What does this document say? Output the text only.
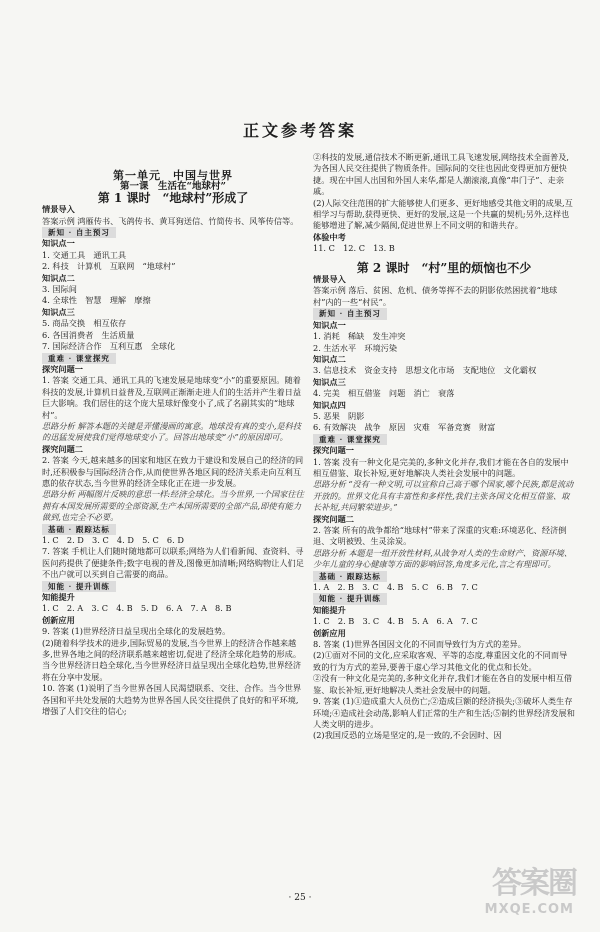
正文参考答案

第一单元　中国与世界

第一课　生活在“地球村”

第 1 课时　“地球村”形成了

情景导入

答案示例 鸿雁传书、飞鸽传书、黄耳狗送信、竹简传书、风筝传信等。

新知 · 自主预习

知识点一

1. 交通工具　通讯工具

2. 科技　计算机　互联网　“地球村”

知识点二

3. 国际间

4. 全球性　智慧　理解　摩擦

知识点三

5. 商品交换　相互依存

6. 各国消费者　生活质量

7. 国际经济合作　互利互惠　全球化

重难 · 课堂探究

探究问题一

1. 答案 交通工具、通讯工具的飞速发展是地球变“小”的重要原因。随着科技的发展,计算机日益普及,互联网正渐渐走进人们的生活并产生着日益巨大影响。我们居住的这个庞大星球好像变小了,成了名副其实的“地球村”。

思路分析 解答本题的关键是弄懂漫画的寓意。地球没有真的变小,是科技的迅猛发展使我们觉得地球变小了。回答出地球变“小”的原因即可。

探究问题二

2. 答案 今天,越来越多的国家和地区在致力于建设和发展自己的经济的同时,还积极参与国际经济合作,从而使世界各地区间的经济关系走向互利互惠的依存状态,当今世界的经济全球化正在进一步发展。

思路分析 两幅图片反映的意思一样:经济全球化。当今世界,一个国家往往拥有本国发展所需要的全部资源,生产本国所需要的全部产品,即使有能力做到,也完全不必要。

基础 · 跟踪达标

1. C　2. D　3. C　4. D　5. C　6. D

7. 答案 手机让人们随时随地都可以联系;网络为人们看新闻、查资料、寻医问药提供了便捷条件;数字电视的普及,图像更加清晰;网络购物让人们足不出户就可以买到自己需要的商品。

知能 · 提升训练

知能提升

1. C　2. A　3. C　4. B　5. D　6. A　7. A　8. B

创新应用

9. 答案 (1)世界经济日益呈现出全球化的发展趋势。

(2)随着科学技术的进步,国际贸易的发展,当今世界上的经济合作越来越多,世界各地之间的经济联系越来越密切,促进了经济全球化趋势的形成。当今世界经济日趋全球化,当今世界经济日益呈现出全球化趋势,世界经济将在分享中发展。

10. 答案 (1)说明了当今世界各国人民渴望联系、交往、合作。当今世界各国和平共处发展的大趋势为世界各国人民交往提供了良好的和平环境,增强了人们交往的信心;

②科技的发展,通信技术不断更新,通讯工具飞速发展,网络技术全面普及,为各国人民交往提供了物质条件。国际间的交往也因此变得更加方便快捷。现在中国人出国和外国人来华,都是人潮滚滚,真像“串门子”、走亲戚。

(2)人际交往范围的扩大能够使人们更多、更好地感受其他文明的成果,互相学习与帮助,获得更快、更好的发展,这是一个共赢的契机;另外,这样也能够增进了解,减少隔阂,促进世界上不同文明的和谐共存。

体验中考

11. C　12. C　13. B

第 2 课时　“村”里的烦恼也不少

情景导入

答案示例 落后、贫困、危机、债务等挥不去的阴影依然困扰着“地球村”内的一些“村民”。

新知 · 自主预习

知识点一

1. 消耗　稀缺　发生冲突

2. 生活水平　环境污染

知识点二

3. 信息技术　资金支持　思想文化市场　支配地位　文化霸权

知识点三

4. 完美　相互借鉴　问题　消亡　衰落

知识点四

5. 恶果　阴影

6. 有效解决　战争　原因　灾难　军备竞赛　财富

重难 · 课堂探究

探究问题一

1. 答案 没有一种文化是完美的,多种文化并存,我们才能在各自的发展中相互借鉴、取长补短,更好地解决人类社会发展中的问题。

思路分析 “没有一种文明,可以宣称自己高于哪个国家,哪个民族,都是流动开放的。世界文化具有丰富性和多样性,我们主张各国文化相互借鉴、取长补短,共同繁荣进步。”

探究问题二

2. 答案 所有的战争都给“地球村”带来了深重的灾难:环境恶化、经济倒退、文明被毁、生灵涂炭。

思路分析 本题是一组开放性材料,从战争对人类的生命财产、资源环境、少年儿童的身心健康等方面的影响回答,角度多元化,言之有理即可。

基础 · 跟踪达标

1. A　2. B　3. C　4. B　5. C　6. B　7. C

知能 · 提升训练

知能提升

1. C　2. B　3. C　4. B　5. A　6. A　7. C

创新应用

8. 答案 (1)世界各国因文化的不同而导致行为方式的差异。

(2)①面对不同的文化,应采取客观、平等的态度,尊重因文化的不同而导致的行为方式的差异,要善于虚心学习其他文化的优点和长处。

②没有一种文化是完美的,多种文化并存,我们才能在各自的发展中相互借鉴、取长补短,更好地解决人类社会发展中的问题。

9. 答案 (1)①造成重大人员伤亡;②造成巨额的经济损失;③破坏人类生存环境;④造成社会动荡,影响人们正常的生产和生活;⑤制约世界经济发展和人类文明的进步。

(2)我国反恐的立场是坚定的,是一致的,不会因时、因

· 25 ·	答案圈
MXQE.COM
